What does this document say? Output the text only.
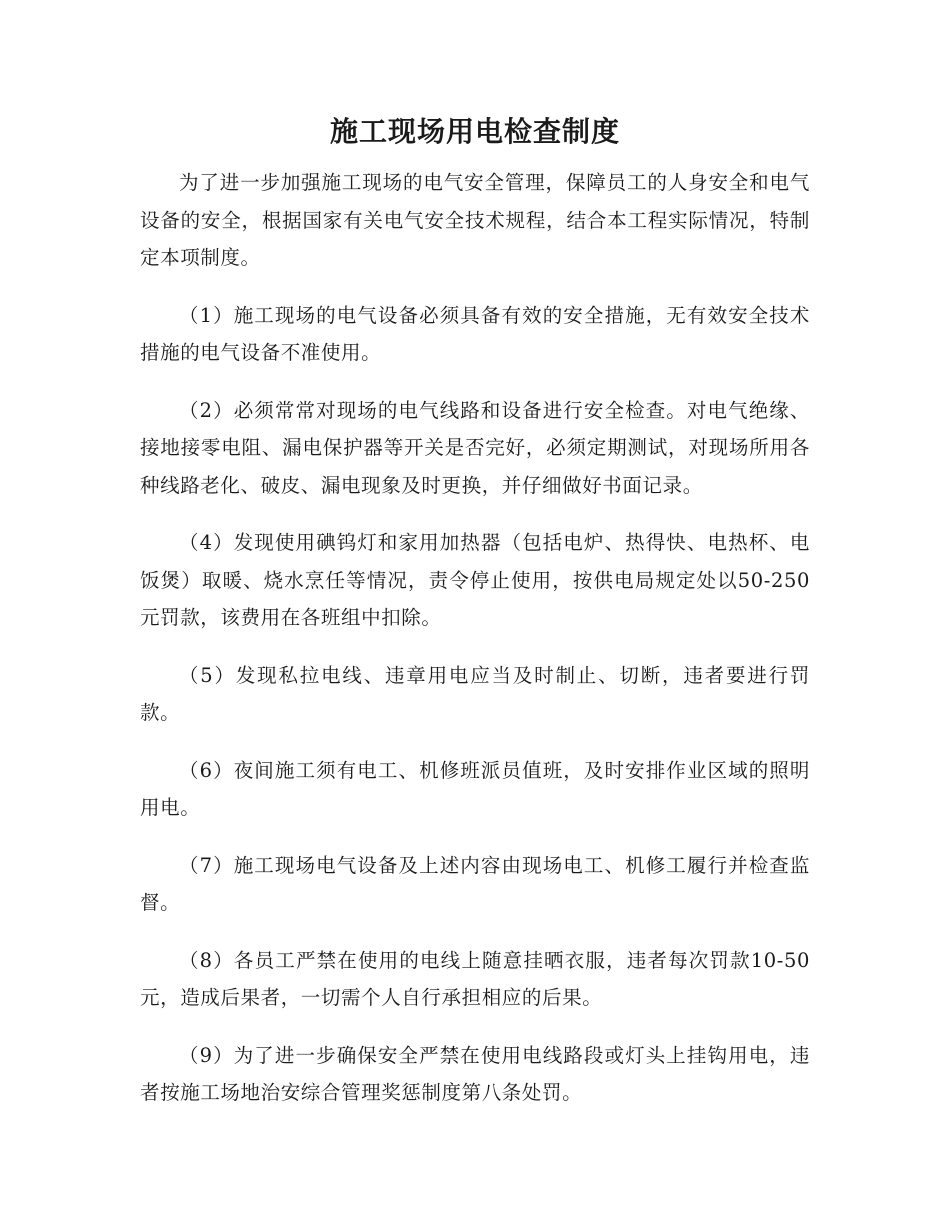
施工现场用电检查制度

为了进一步加强施工现场的电气安全管理，保障员工的人身安全和电气设备的安全，根据国家有关电气安全技术规程，结合本工程实际情况，特制定本项制度。

（1）施工现场的电气设备必须具备有效的安全措施，无有效安全技术措施的电气设备不准使用。

（2）必须常常对现场的电气线路和设备进行安全检查。对电气绝缘、接地接零电阻、漏电保护器等开关是否完好，必须定期测试，对现场所用各种线路老化、破皮、漏电现象及时更换，并仔细做好书面记录。

（4）发现使用碘钨灯和家用加热器（包括电炉、热得快、电热杯、电饭煲）取暖、烧水烹任等情况，责令停止使用，按供电局规定处以50-250元罚款，该费用在各班组中扣除。

（5）发现私拉电线、违章用电应当及时制止、切断，违者要进行罚款。

（6）夜间施工须有电工、机修班派员值班，及时安排作业区域的照明用电。

（7）施工现场电气设备及上述内容由现场电工、机修工履行并检查监督。

（8）各员工严禁在使用的电线上随意挂晒衣服，违者每次罚款10-50元，造成后果者，一切需个人自行承担相应的后果。

（9）为了进一步确保安全严禁在使用电线路段或灯头上挂钩用电，违者按施工场地治安综合管理奖惩制度第八条处罚。
